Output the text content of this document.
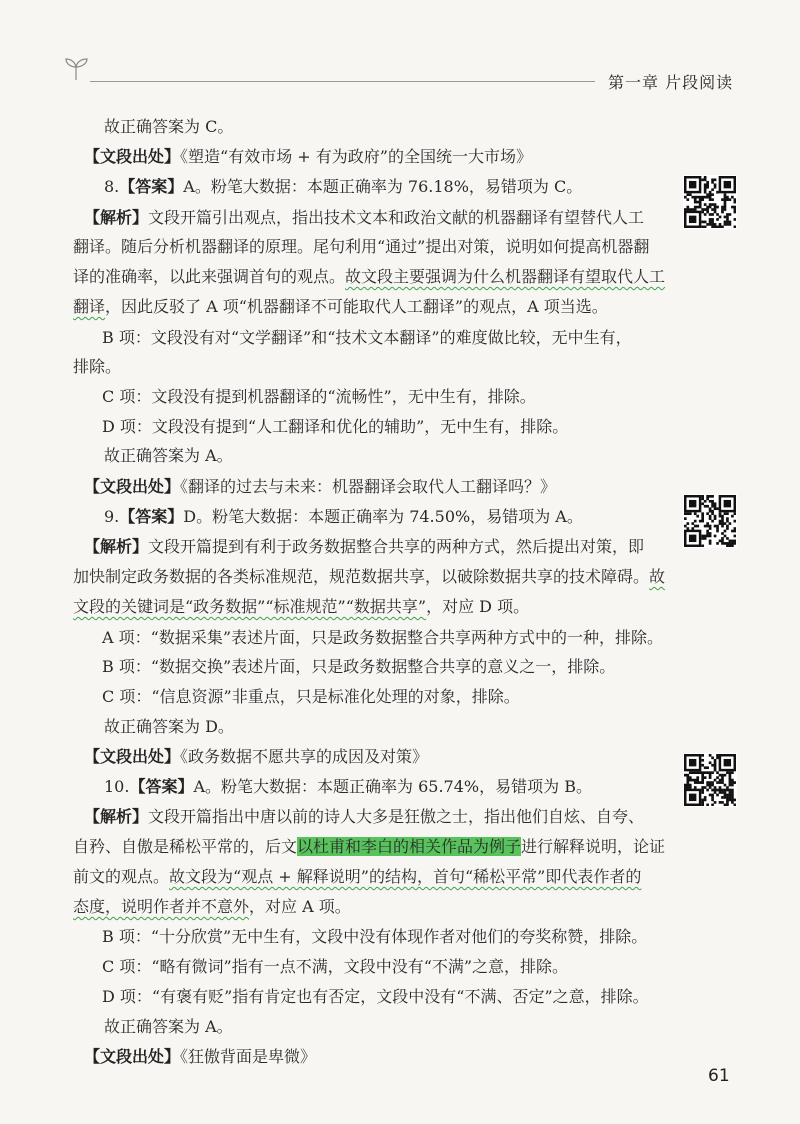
第一章 片段阅读
故正确答案为 C。
【文段出处】《塑造“有效市场 + 有为政府”的全国统一大市场》
8.【答案】A。粉笔大数据：本题正确率为 76.18%，易错项为 C。
【解析】文段开篇引出观点，指出技术文本和政治文献的机器翻译有望替代人工
翻译。随后分析机器翻译的原理。尾句利用“通过”提出对策，说明如何提高机器翻
译的准确率，以此来强调首句的观点。故文段主要强调为什么机器翻译有望取代人工
翻译，因此反驳了 A 项“机器翻译不可能取代人工翻译”的观点，A 项当选。
B 项：文段没有对“文学翻译”和“技术文本翻译”的难度做比较，无中生有，
排除。
C 项：文段没有提到机器翻译的“流畅性”，无中生有，排除。
D 项：文段没有提到“人工翻译和优化的辅助”，无中生有，排除。
故正确答案为 A。
【文段出处】《翻译的过去与未来：机器翻译会取代人工翻译吗？》
9.【答案】D。粉笔大数据：本题正确率为 74.50%，易错项为 A。
【解析】文段开篇提到有利于政务数据整合共享的两种方式，然后提出对策，即
加快制定政务数据的各类标准规范，规范数据共享，以破除数据共享的技术障碍。故
文段的关键词是“政务数据”“标准规范”“数据共享”，对应 D 项。
A 项：“数据采集”表述片面，只是政务数据整合共享两种方式中的一种，排除。
B 项：“数据交换”表述片面，只是政务数据整合共享的意义之一，排除。
C 项：“信息资源”非重点，只是标准化处理的对象，排除。
故正确答案为 D。
【文段出处】《政务数据不愿共享的成因及对策》
10.【答案】A。粉笔大数据：本题正确率为 65.74%，易错项为 B。
【解析】文段开篇指出中唐以前的诗人大多是狂傲之士，指出他们自炫、自夸、
自矜、自傲是稀松平常的，后文以杜甫和李白的相关作品为例子进行解释说明，论证
前文的观点。故文段为“观点 + 解释说明”的结构，首句“稀松平常”即代表作者的
态度，说明作者并不意外，对应 A 项。
B 项：“十分欣赏”无中生有，文段中没有体现作者对他们的夸奖称赞，排除。
C 项：“略有微词”指有一点不满，文段中没有“不满”之意，排除。
D 项：“有褒有贬”指有肯定也有否定，文段中没有“不满、否定”之意，排除。
故正确答案为 A。
【文段出处】《狂傲背面是卑微》
61
